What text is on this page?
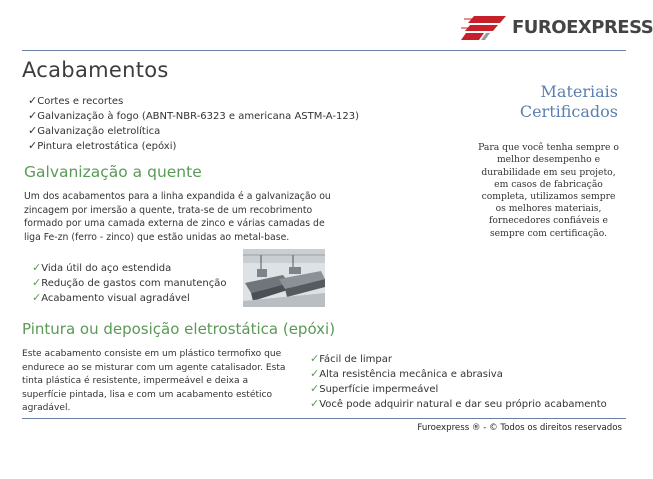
FUROEXPRESS
Acabamentos
✓Cortes e recortes
✓Galvanização à fogo (ABNT-NBR-6323 e americana ASTM-A-123)
✓Galvanização eletrolítica
✓Pintura eletrostática (epóxi)
Materiais
Certificados

Para que você tenha sempre o melhor desempenho e durabilidade em seu projeto, em casos de fabricação completa, utilizamos sempre os melhores materiais, fornecedores confiáveis e sempre com certificação.

Galvanização a quente

Um dos acabamentos para a linha expandida é a galvanização ou zincagem por imersão a quente, trata-se de um recobrimento formado por uma camada externa de zinco e várias camadas de liga Fe-zn (ferro - zinco) que estão unidas ao metal-base.

✓Vida útil do aço estendida
✓Redução de gastos com manutenção
✓Acabamento visual agradável
Pintura ou deposição eletrostática (epóxi)

Este acabamento consiste em um plástico termofixo que endurece ao se misturar com um agente catalisador. Esta tinta plástica é resistente, impermeável e deixa a superfície pintada, lisa e com um acabamento estético agradável.

✓Fácil de limpar
✓Alta resistência mecânica e abrasiva
✓Superfície impermeável
✓Você pode adquirir natural e dar seu próprio acabamento
Furoexpress ® - © Todos os direitos reservados
